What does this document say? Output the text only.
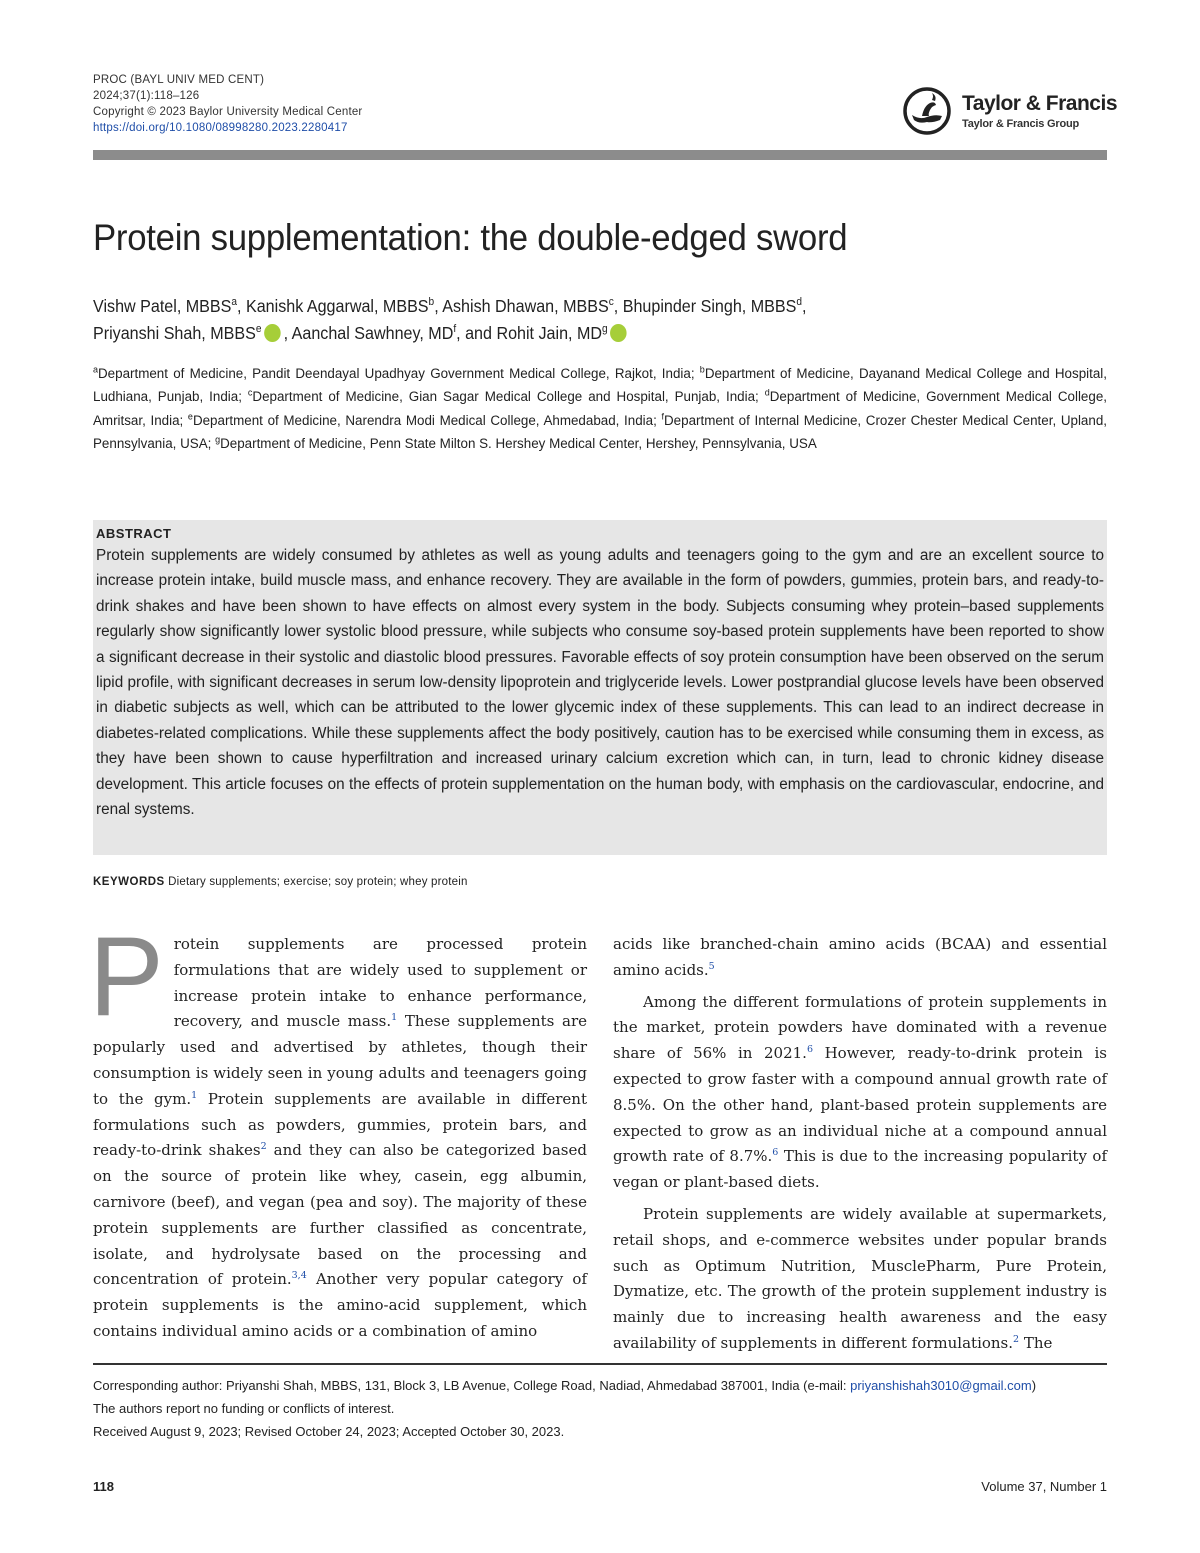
PROC (BAYL UNIV MED CENT)
2024;37(1):118–126
Copyright © 2023 Baylor University Medical Center
https://doi.org/10.1080/08998280.2023.2280417
Taylor & Francis
Taylor & Francis Group
Protein supplementation: the double-edged sword
Vishw Patel, MBBS$^a$, Kanishk Aggarwal, MBBS$^b$, Ashish Dhawan, MBBS$^c$, Bhupinder Singh, MBBS$^d$,
Priyanshi Shah, MBBS$^e$ , Aanchal Sawhney, $MD^f$, and Rohit Jain, $MD^g$
$^a$Department of Medicine, Pandit Deendayal Upadhyay Government Medical College, Rajkot, India; $^b$Department of Medicine, Dayanand Medical College and Hospital, Ludhiana, Punjab, India; $^c$Department of Medicine, Gian Sagar Medical College and Hospital, Punjab, India; $^d$Department of Medicine, Government Medical College, Amritsar, India; $^e$Department of Medicine, Narendra Modi Medical College, Ahmedabad, India; $^f$Department of Internal Medicine, Crozer Chester Medical Center, Upland, Pennsylvania, USA; $^g$Department of Medicine, Penn State Milton S. Hershey Medical Center, Hershey, Pennsylvania, USA
ABSTRACT
Protein supplements are widely consumed by athletes as well as young adults and teenagers going to the gym and are an excellent source to increase protein intake, build muscle mass, and enhance recovery. They are available in the form of powders, gummies, protein bars, and ready-to-drink shakes and have been shown to have effects on almost every system in the body. Subjects consuming whey protein–based supplements regularly show significantly lower systolic blood pressure, while subjects who consume soy-based protein supplements have been reported to show a significant decrease in their systolic and diastolic blood pressures. Favorable effects of soy protein consumption have been observed on the serum lipid profile, with significant decreases in serum low-density lipoprotein and triglyceride levels. Lower postprandial glucose levels have been observed in diabetic subjects as well, which can be attributed to the lower glycemic index of these supplements. This can lead to an indirect decrease in diabetes-related complications. While these supplements affect the body positively, caution has to be exercised while consuming them in excess, as they have been shown to cause hyperfiltration and increased urinary calcium excretion which can, in turn, lead to chronic kidney disease development. This article focuses on the effects of protein supplementation on the human body, with emphasis on the cardiovascular, endocrine, and renal systems.
KEYWORDS Dietary supplements; exercise; soy protein; whey protein

Protein supplements are processed protein formulations that are widely used to supplement or increase protein intake to enhance performance, recovery, and muscle mass.$^1$ These supplements are popularly used and advertised by athletes, though their consumption is widely seen in young adults and teenagers going to the gym.$^1$ Protein supplements are available in different formulations such as powders, gummies, protein bars, and ready-to-drink shakes$^2$ and they can also be categorized based on the source of protein like whey, casein, egg albumin, carnivore (beef), and vegan (pea and soy). The majority of these protein supplements are further classified as concentrate, isolate, and hydrolysate based on the processing and concentration of protein.$^{3,4}$ Another very popular category of protein supplements is the amino-acid supplement, which contains individual amino acids or a combination of amino

acids like branched-chain amino acids (BCAA) and essential amino acids.$^5$

Among the different formulations of protein supplements in the market, protein powders have dominated with a revenue share of 56% in 2021.$^6$ However, ready-to-drink protein is expected to grow faster with a compound annual growth rate of 8.5%. On the other hand, plant-based protein supplements are expected to grow as an individual niche at a compound annual growth rate of 8.7%.$^6$ This is due to the increasing popularity of vegan or plant-based diets.

Protein supplements are widely available at supermarkets, retail shops, and e-commerce websites under popular brands such as Optimum Nutrition, MusclePharm, Pure Protein, Dymatize, etc. The growth of the protein supplement industry is mainly due to increasing health awareness and the easy availability of supplements in different formulations.$^2$ The

Corresponding author: Priyanshi Shah, MBBS, 131, Block 3, LB Avenue, College Road, Nadiad, Ahmedabad 387001, India (e-mail: priyanshishah3010@gmail.com)
The authors report no funding or conflicts of interest.
Received August 9, 2023; Revised October 24, 2023; Accepted October 30, 2023.
118	Volume 37, Number 1
